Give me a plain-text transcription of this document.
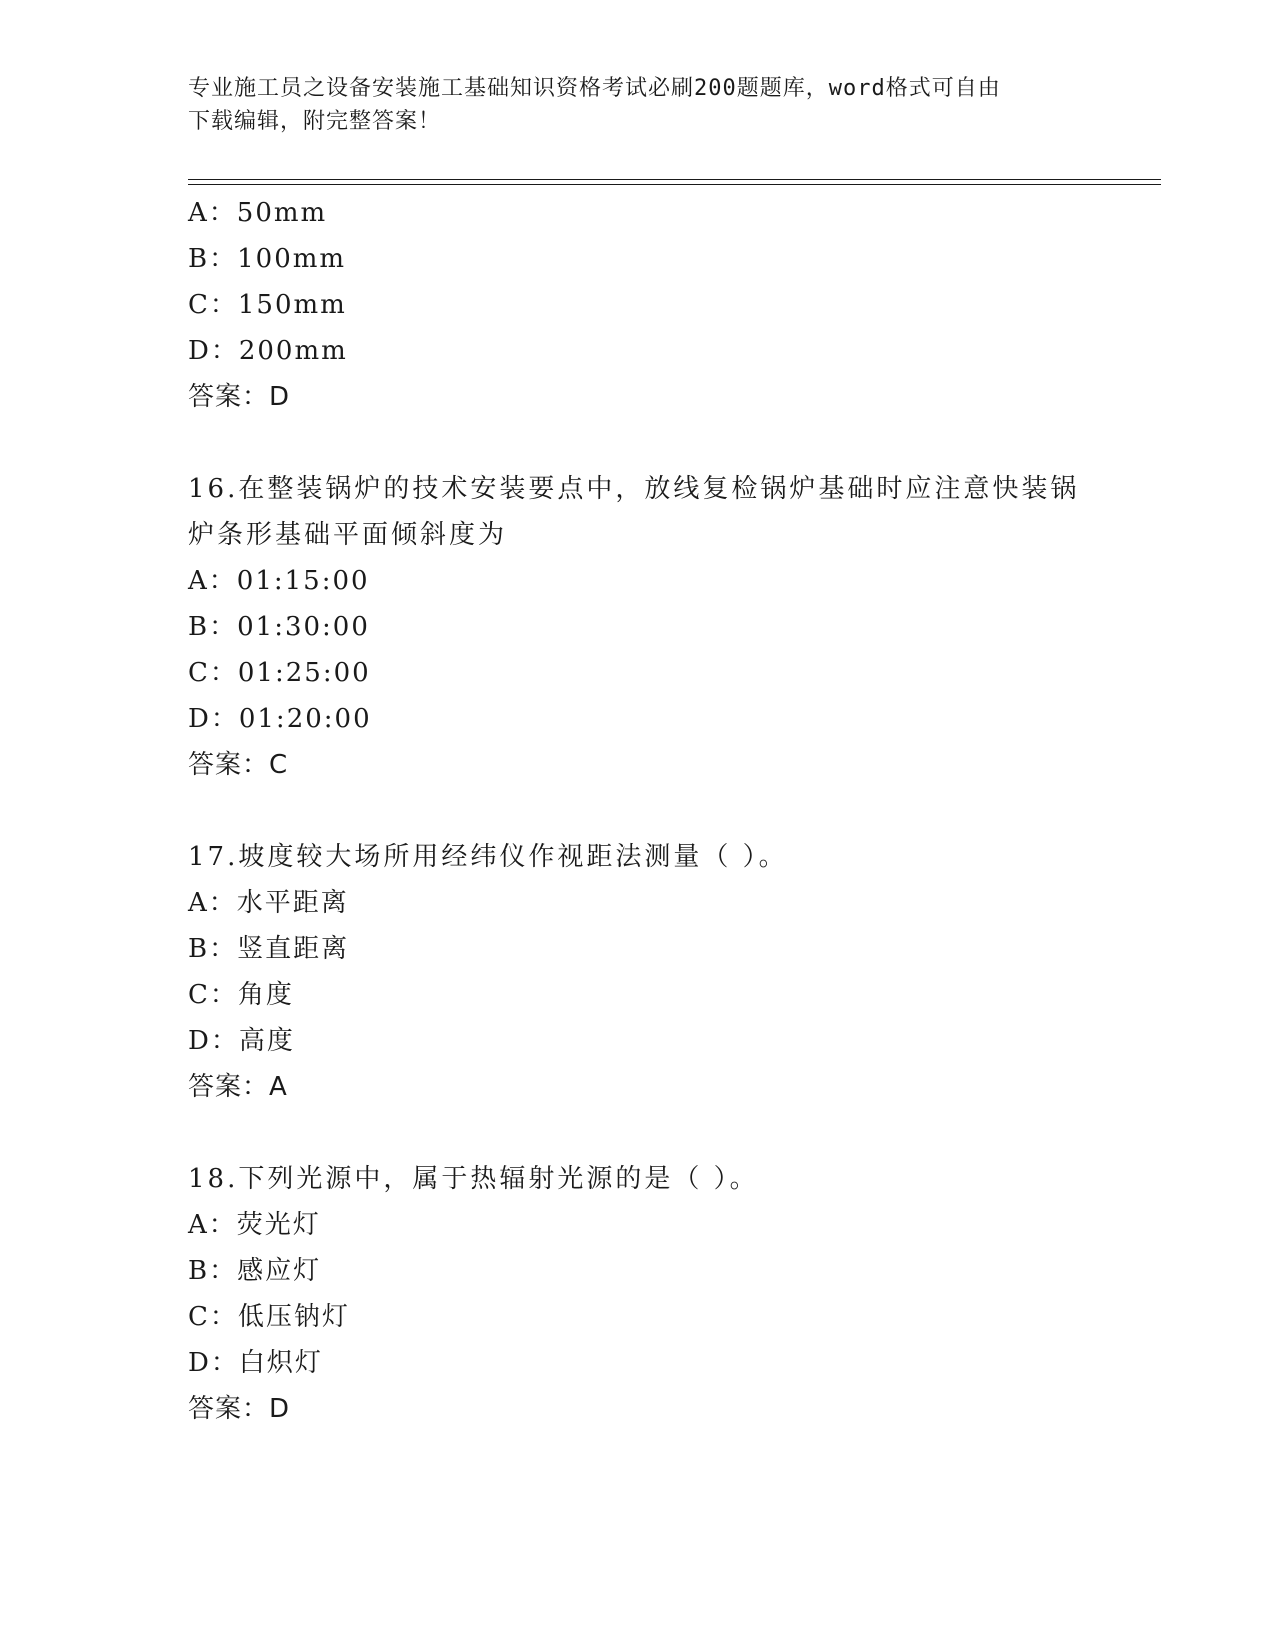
专业施工员之设备安装施工基础知识资格考试必刷200题题库，word格式可自由
下载编辑，附完整答案！
A：50mm
B：100mm
C：150mm
D：200mm
答案：D
16.在整装锅炉的技术安装要点中，放线复检锅炉基础时应注意快装锅
炉条形基础平面倾斜度为
A：01:15:00
B：01:30:00
C：01:25:00
D：01:20:00
答案：C
17.坡度较大场所用经纬仪作视距法测量（ ）。
A：水平距离
B：竖直距离
C：角度
D：高度
答案：A
18.下列光源中，属于热辐射光源的是（ ）。
A：荧光灯
B：感应灯
C：低压钠灯
D：白炽灯
答案：D
